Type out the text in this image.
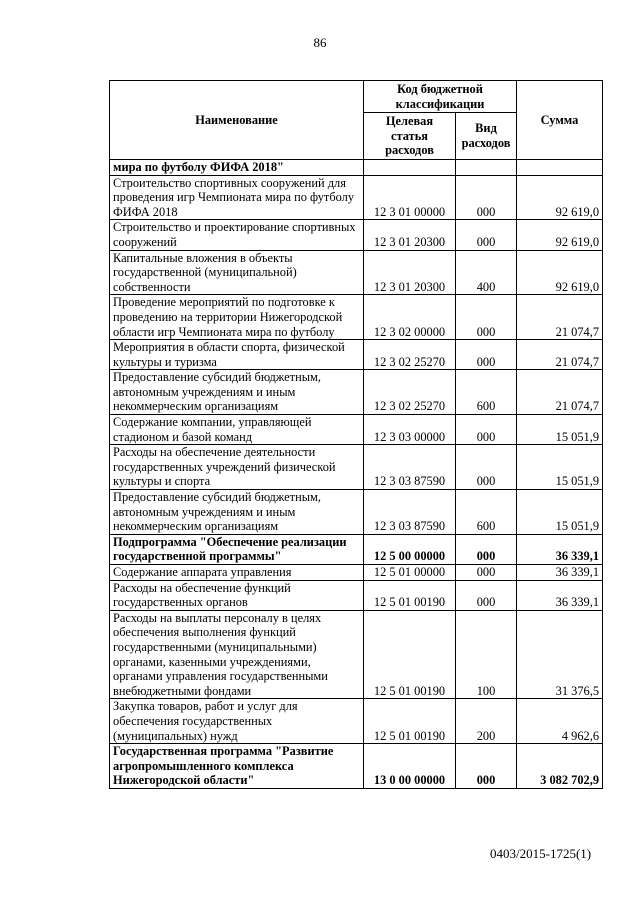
86
Наименование	Код бюджетной классификации		Сумма
	Целевая статья расходов	Вид расходов	
мира по футболу ФИФА 2018"			
Строительство спортивных сооружений для проведения игр Чемпионата мира по футболу ФИФА 2018	12 3 01 00000	000	92 619,0
Строительство и проектирование спортивных сооружений	12 3 01 20300	000	92 619,0
Капитальные вложения в объекты государственной (муниципальной) собственности	12 3 01 20300	400	92 619,0
Проведение мероприятий по подготовке к проведению на территории Нижегородской области игр Чемпионата мира по футболу	12 3 02 00000	000	21 074,7
Мероприятия в области спорта, физической культуры и туризма	12 3 02 25270	000	21 074,7
Предоставление субсидий бюджетным, автономным учреждениям и иным некоммерческим организациям	12 3 02 25270	600	21 074,7
Содержание компании, управляющей стадионом и базой команд	12 3 03 00000	000	15 051,9
Расходы на обеспечение деятельности государственных учреждений физической культуры и спорта	12 3 03 87590	000	15 051,9
Предоставление субсидий бюджетным, автономным учреждениям и иным некоммерческим организациям	12 3 03 87590	600	15 051,9
Подпрограмма "Обеспечение реализации государственной программы"	12 5 00 00000	000	36 339,1
Содержание аппарата управления	12 5 01 00000	000	36 339,1
Расходы на обеспечение функций государственных органов	12 5 01 00190	000	36 339,1
Расходы на выплаты персоналу в целях обеспечения выполнения функций государственными (муниципальными) органами, казенными учреждениями, органами управления государственными внебюджетными фондами	12 5 01 00190	100	31 376,5
Закупка товаров, работ и услуг для обеспечения государственных (муниципальных) нужд	12 5 01 00190	200	4 962,6
Государственная программа "Развитие агропромышленного комплекса Нижегородской области"	13 0 00 00000	000	3 082 702,9
0403/2015-1725(1)
